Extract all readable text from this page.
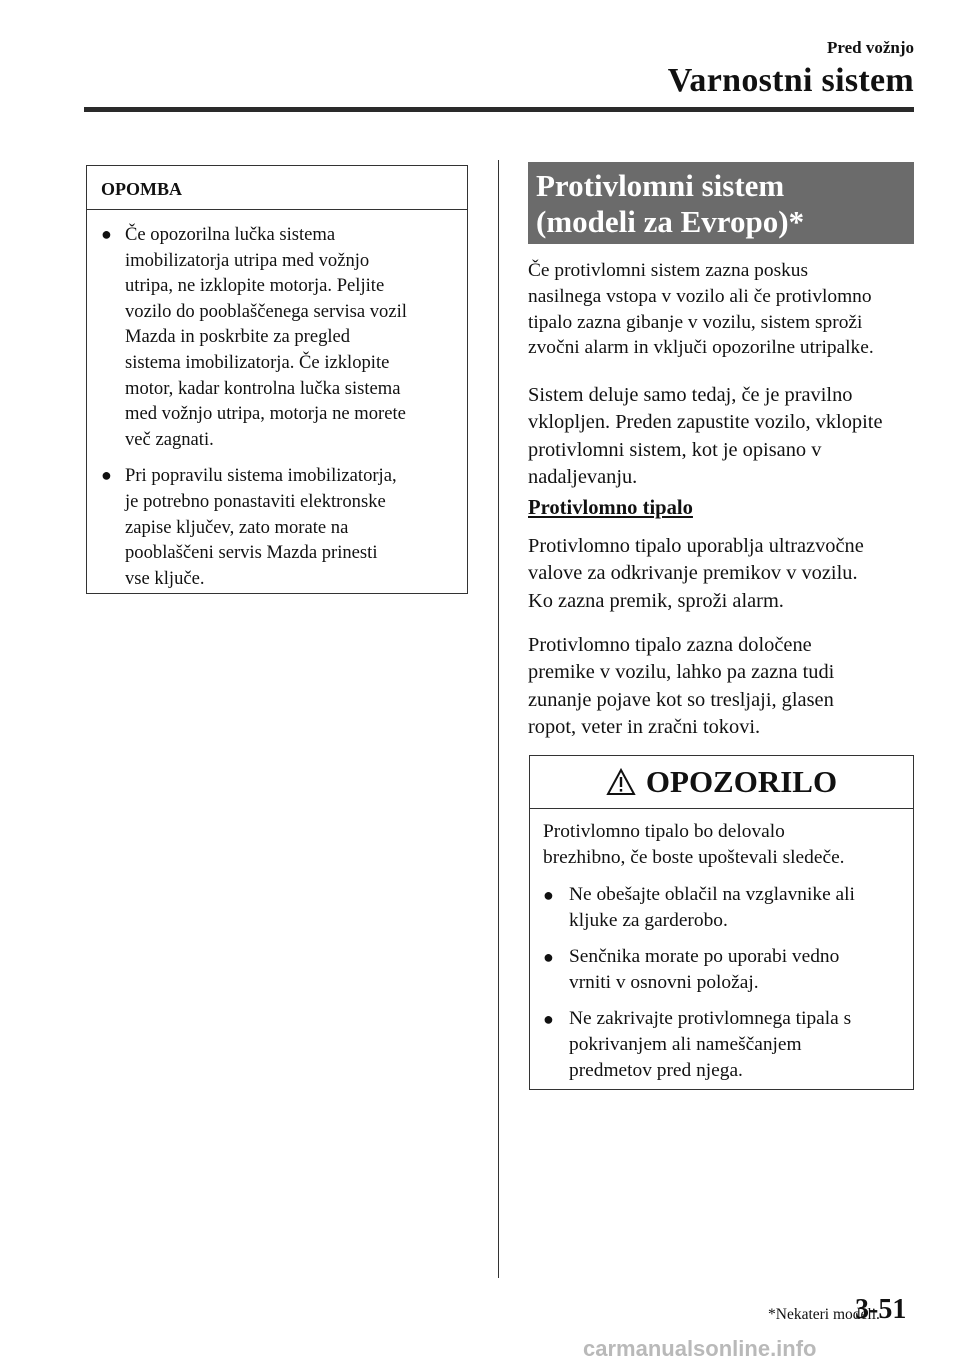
Pred vožnjo
Varnostni sistem
OPOMBA
● Če opozorilna lučka sistema
imobilizatorja utripa med vožnjo
utripa, ne izklopite motorja. Peljite
vozilo do pooblaščenega servisa vozil
Mazda in poskrbite za pregled
sistema imobilizatorja. Če izklopite
motor, kadar kontrolna lučka sistema
med vožnjo utripa, motorja ne morete
več zagnati.
● Pri popravilu sistema imobilizatorja,
je potrebno ponastaviti elektronske
zapise ključev, zato morate na
pooblaščeni servis Mazda prinesti
vse ključe.
Protivlomni sistem
(modeli za Evropo)*

Če protivlomni sistem zazna poskus
nasilnega vstopa v vozilo ali če protivlomno
tipalo zazna gibanje v vozilu, sistem sproži
zvočni alarm in vključi opozorilne utripalke.

Sistem deluje samo tedaj, če je pravilno
vklopljen. Preden zapustite vozilo, vklopite
protivlomni sistem, kot je opisano v
nadaljevanju.

Protivlomno tipalo

Protivlomno tipalo uporablja ultrazvočne
valove za odkrivanje premikov v vozilu.
Ko zazna premik, sproži alarm.

Protivlomno tipalo zazna določene
premike v vozilu, lahko pa zazna tudi
zunanje pojave kot so tresljaji, glasen
ropot, veter in zračni tokovi.

OPOZORILO

Protivlomno tipalo bo delovalo
brezhibno, če boste upoštevali sledeče.

● Ne obešajte oblačil na vzglavnike ali
kljuke za garderobo.
● Senčnika morate po uporabi vedno
vrniti v osnovni položaj.
● Ne zakrivajte protivlomnega tipala s
pokrivanjem ali nameščanjem
predmetov pred njega.
*Nekateri modeli.
3-51
carmanualsonline.info
